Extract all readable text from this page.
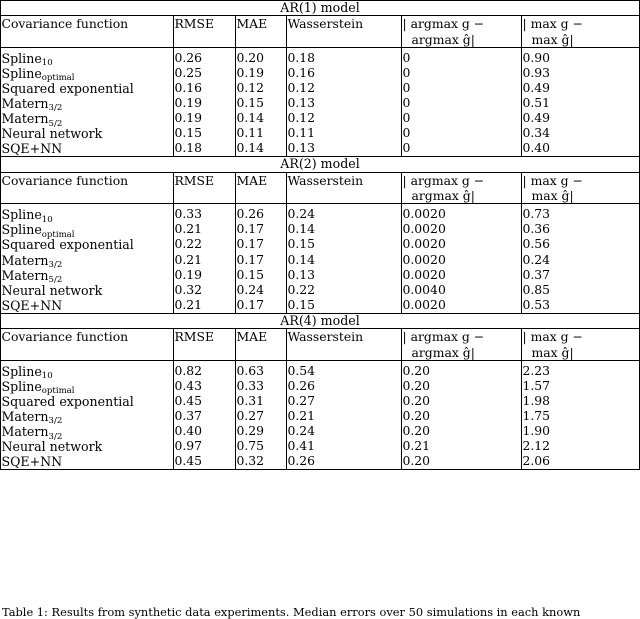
AR(1) model					
Covariance function	RMSE	MAE	Wasserstein	| argmax g −
argmax ĝ|	| max g −
max ĝ|

Spline$_{10}$	0.26	0.20	0.18	0	0.90
Spline$_{optimal}$	0.25	0.19	0.16	0	0.93
Squared exponential	0.16	0.12	0.12	0	0.49
Matern$_{3/2}$	0.19	0.15	0.13	0	0.51
Matern$_{5/2}$	0.19	0.14	0.12	0	0.49
Neural network	0.15	0.11	0.11	0	0.34
SQE+NN	0.18	0.14	0.13	0	0.40
AR(2) model					
Covariance function	RMSE	MAE	Wasserstein	| argmax g −
argmax ĝ|	| max g −
max ĝ|

Spline$_{10}$	0.33	0.26	0.24	0.0020	0.73
Spline$_{optimal}$	0.21	0.17	0.14	0.0020	0.36
Squared exponential	0.22	0.17	0.15	0.0020	0.56
Matern$_{3/2}$	0.21	0.17	0.14	0.0020	0.24
Matern$_{5/2}$	0.19	0.15	0.13	0.0020	0.37
Neural network	0.32	0.24	0.22	0.0040	0.85
SQE+NN	0.21	0.17	0.15	0.0020	0.53
AR(4) model					
Covariance function	RMSE	MAE	Wasserstein	| argmax g −
argmax ĝ|	| max g −
max ĝ|

Spline$_{10}$	0.82	0.63	0.54	0.20	2.23
Spline$_{optimal}$	0.43	0.33	0.26	0.20	1.57
Squared exponential	0.45	0.31	0.27	0.20	1.98
Matern$_{3/2}$	0.37	0.27	0.21	0.20	1.75
Matern$_{3/2}$	0.40	0.29	0.24	0.20	1.90
Neural network	0.97	0.75	0.41	0.21	2.12
SQE+NN	0.45	0.32	0.26	0.20	2.06
Table 1: Results from synthetic data experiments. Median errors over 50 simulations in each known
